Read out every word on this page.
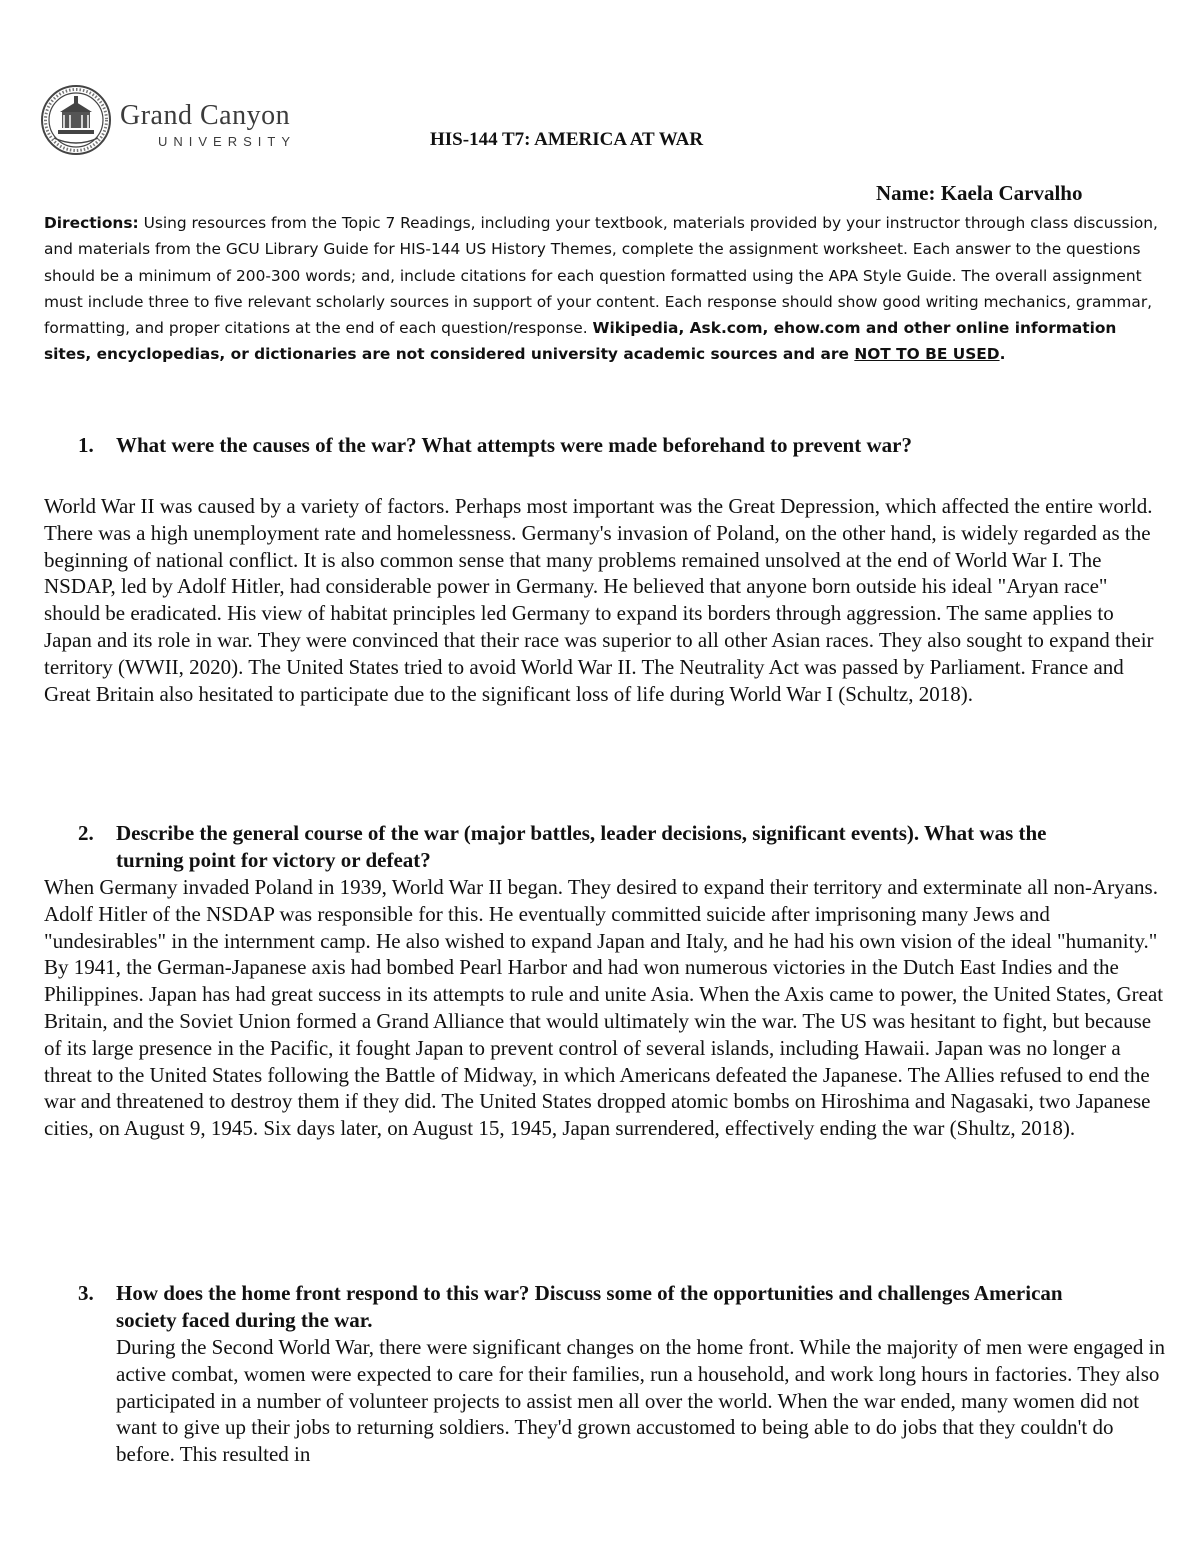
Grand Canyon
UNIVERSITY	HIS-144 T7: AMERICA AT WAR
Name: Kaela Carvalho

Directions: Using resources from the Topic 7 Readings, including your textbook, materials provided by your instructor through class discussion, and materials from the GCU Library Guide for HIS-144 US History Themes, complete the assignment worksheet. Each answer to the questions should be a minimum of 200-300 words; and, include citations for each question formatted using the APA Style Guide. The overall assignment must include three to five relevant scholarly sources in support of your content. Each response should show good writing mechanics, grammar, formatting, and proper citations at the end of each question/response. Wikipedia, Ask.com, ehow.com and other online information sites, encyclopedias, or dictionaries are not considered university academic sources and are NOT TO BE USED.

1. What were the causes of the war? What attempts were made beforehand to prevent war?

World War II was caused by a variety of factors. Perhaps most important was the Great Depression, which affected the entire world. There was a high unemployment rate and homelessness. Germany's invasion of Poland, on the other hand, is widely regarded as the beginning of national conflict. It is also common sense that many problems remained unsolved at the end of World War I. The NSDAP, led by Adolf Hitler, had considerable power in Germany. He believed that anyone born outside his ideal "Aryan race" should be eradicated. His view of habitat principles led Germany to expand its borders through aggression. The same applies to Japan and its role in war. They were convinced that their race was superior to all other Asian races. They also sought to expand their territory (WWII, 2020). The United States tried to avoid World War II. The Neutrality Act was passed by Parliament. France and Great Britain also hesitated to participate due to the significant loss of life during World War I (Schultz, 2018).

2. Describe the general course of the war (major battles, leader decisions, significant events). What was the turning point for victory or defeat?

When Germany invaded Poland in 1939, World War II began. They desired to expand their territory and exterminate all non-Aryans. Adolf Hitler of the NSDAP was responsible for this. He eventually committed suicide after imprisoning many Jews and "undesirables" in the internment camp. He also wished to expand Japan and Italy, and he had his own vision of the ideal "humanity." By 1941, the German-Japanese axis had bombed Pearl Harbor and had won numerous victories in the Dutch East Indies and the Philippines. Japan has had great success in its attempts to rule and unite Asia. When the Axis came to power, the United States, Great Britain, and the Soviet Union formed a Grand Alliance that would ultimately win the war. The US was hesitant to fight, but because of its large presence in the Pacific, it fought Japan to prevent control of several islands, including Hawaii. Japan was no longer a threat to the United States following the Battle of Midway, in which Americans defeated the Japanese. The Allies refused to end the war and threatened to destroy them if they did. The United States dropped atomic bombs on Hiroshima and Nagasaki, two Japanese cities, on August 9, 1945. Six days later, on August 15, 1945, Japan surrendered, effectively ending the war (Shultz, 2018).

3. How does the home front respond to this war? Discuss some of the opportunities and challenges American society faced during the war.

During the Second World War, there were significant changes on the home front. While the majority of men were engaged in active combat, women were expected to care for their families, run a household, and work long hours in factories. They also participated in a number of volunteer projects to assist men all over the world. When the war ended, many women did not want to give up their jobs to returning soldiers. They'd grown accustomed to being able to do jobs that they couldn't do before. This resulted in
